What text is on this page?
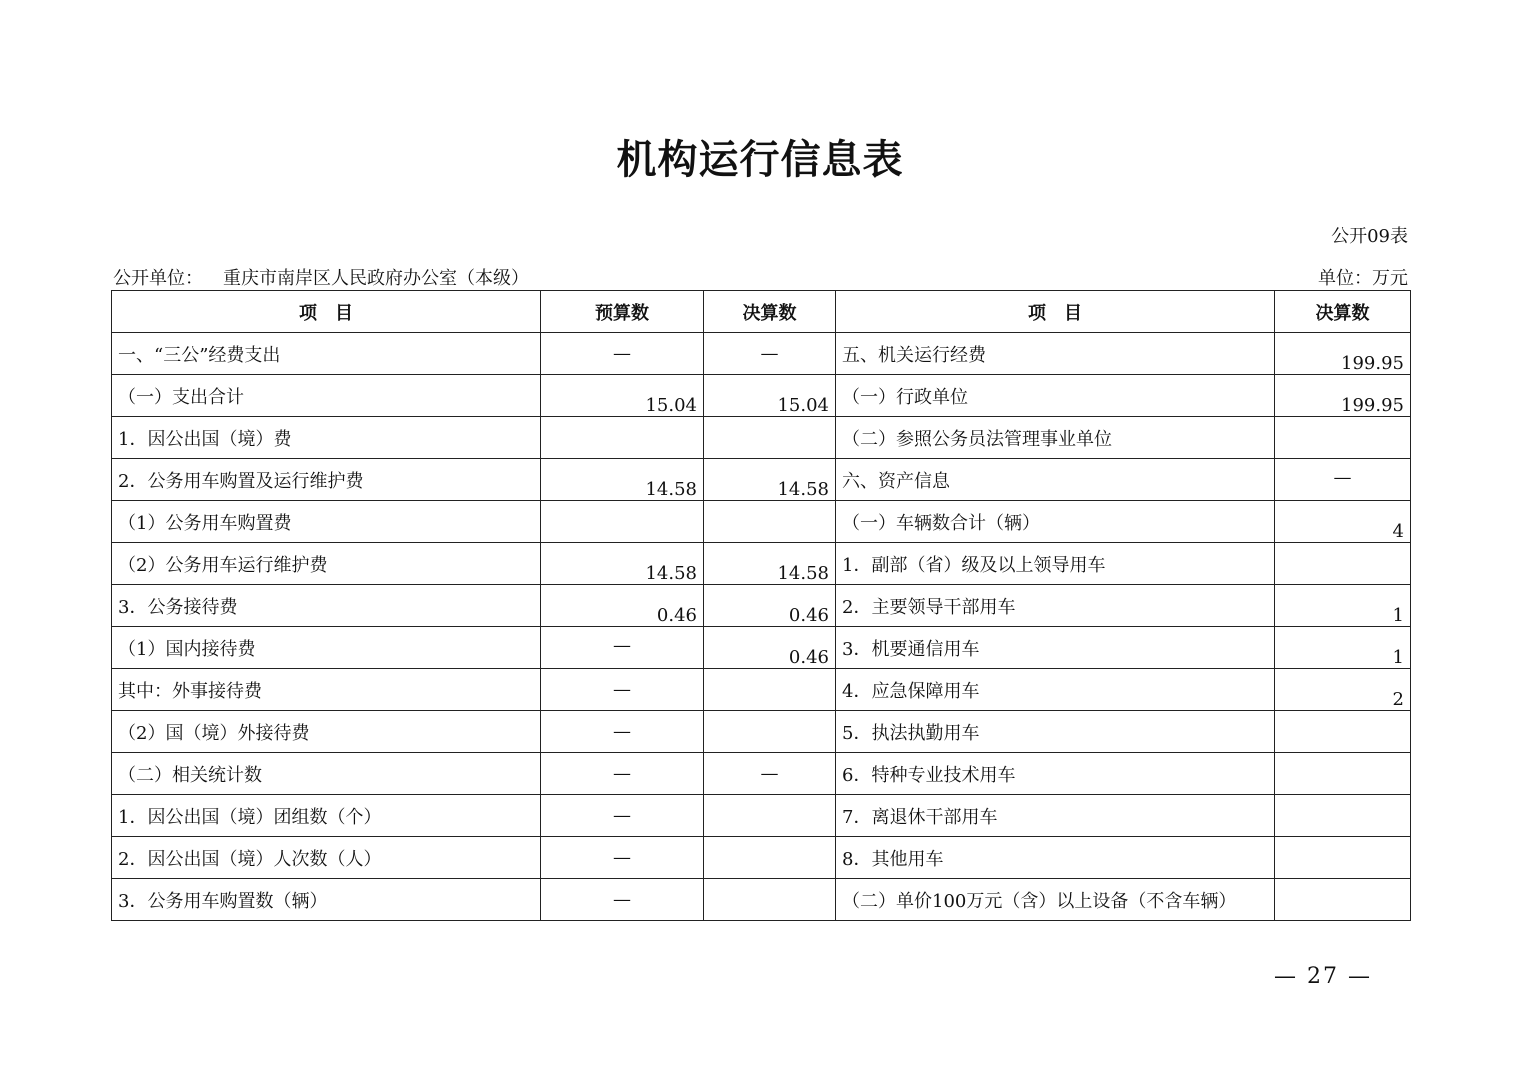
机构运行信息表
公开09表
公开单位： 重庆市南岸区人民政府办公室（本级）	单位：万元
项　目	预算数	决算数	项　目	决算数
一、“三公”经费支出	—	—	五、机关运行经费	199.95
（一）支出合计	15.04	15.04	（一）行政单位	199.95
1．因公出国（境）费			（二）参照公务员法管理事业单位	
2．公务用车购置及运行维护费	14.58	14.58	六、资产信息	—
（1）公务用车购置费			（一）车辆数合计（辆）	4
（2）公务用车运行维护费	14.58	14.58	1．副部（省）级及以上领导用车	
3．公务接待费	0.46	0.46	2．主要领导干部用车	1
（1）国内接待费	—	0.46	3．机要通信用车	1
其中：外事接待费	—		4．应急保障用车	2
（2）国（境）外接待费	—		5．执法执勤用车	
（二）相关统计数	—	—	6．特种专业技术用车	
1．因公出国（境）团组数（个）	—		7．离退休干部用车	
2．因公出国（境）人次数（人）	—		8．其他用车	
3．公务用车购置数（辆）	—		（二）单价100万元（含）以上设备（不含车辆）	
— 27 —
